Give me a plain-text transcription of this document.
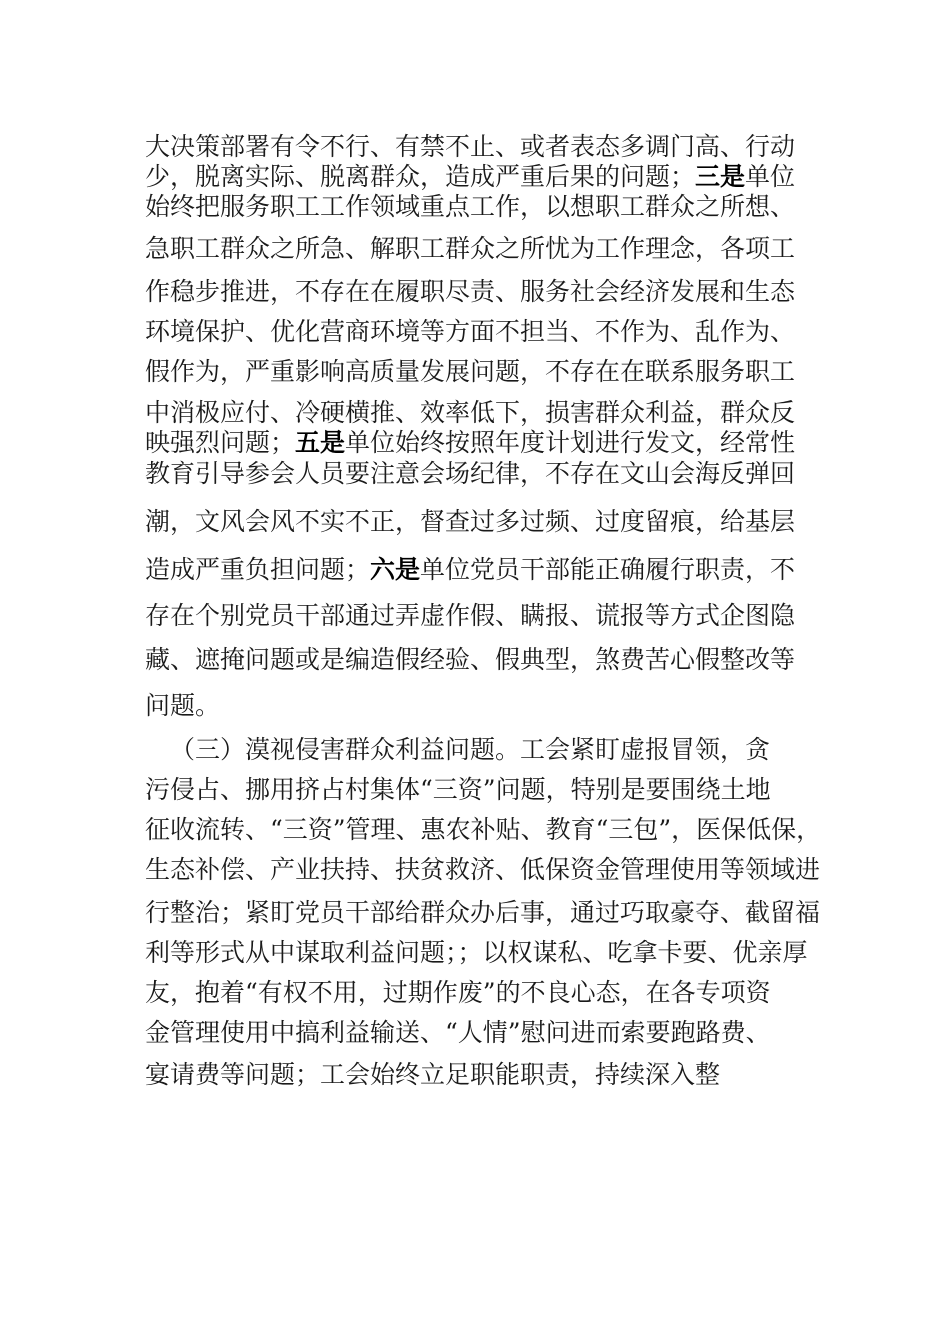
大决策部署有令不行、有禁不止、或者表态多调门高、行动
少，脱离实际、脱离群众，造成严重后果的问题；三是单位
始终把服务职工工作领域重点工作，以想职工群众之所想、
急职工群众之所急、解职工群众之所忧为工作理念，各项工
作稳步推进，不存在在履职尽责、服务社会经济发展和生态
环境保护、优化营商环境等方面不担当、不作为、乱作为、
假作为，严重影响高质量发展问题，不存在在联系服务职工
中消极应付、冷硬横推、效率低下，损害群众利益，群众反
映强烈问题；五是单位始终按照年度计划进行发文，经常性
教育引导参会人员要注意会场纪律，不存在文山会海反弹回
潮，文风会风不实不正，督查过多过频、过度留痕，给基层
造成严重负担问题；六是单位党员干部能正确履行职责，不
存在个别党员干部通过弄虚作假、瞒报、谎报等方式企图隐
藏、遮掩问题或是编造假经验、假典型，煞费苦心假整改等
问题。
（三）漠视侵害群众利益问题。工会紧盯虚报冒领，贪
污侵占、挪用挤占村集体“三资”问题，特别是要围绕土地
征收流转、“三资”管理、惠农补贴、教育“三包”，医保低保，
生态补偿、产业扶持、扶贫救济、低保资金管理使用等领域进
行整治；紧盯党员干部给群众办后事，通过巧取豪夺、截留福
利等形式从中谋取利益问题；；以权谋私、吃拿卡要、优亲厚
友，抱着“有权不用，过期作废”的不良心态，在各专项资
金管理使用中搞利益输送、“人情”慰问进而索要跑路费、
宴请费等问题；工会始终立足职能职责，持续深入整
